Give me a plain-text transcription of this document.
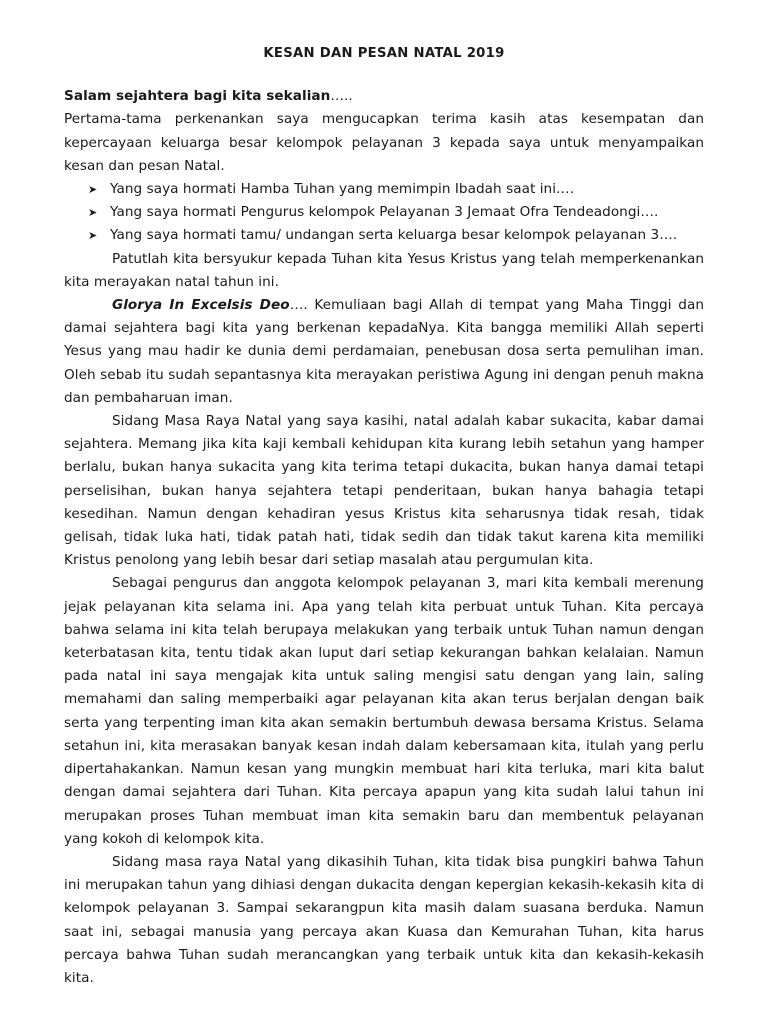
KESAN DAN PESAN NATAL 2019

Salam sejahtera bagi kita sekalian…..

Pertama-tama perkenankan saya mengucapkan terima kasih atas kesempatan dan kepercayaan keluarga besar kelompok pelayanan 3 kepada saya untuk menyampaikan kesan dan pesan Natal.

➤ Yang saya hormati Hamba Tuhan yang memimpin Ibadah saat ini….
➤ Yang saya hormati Pengurus kelompok Pelayanan 3 Jemaat Ofra Tendeadongi….
➤ Yang saya hormati tamu/ undangan serta keluarga besar kelompok pelayanan 3….

Patutlah kita bersyukur kepada Tuhan kita Yesus Kristus yang telah memperkenankan kita merayakan natal tahun ini.

Glorya In Excelsis Deo…. Kemuliaan bagi Allah di tempat yang Maha Tinggi dan damai sejahtera bagi kita yang berkenan kepadaNya. Kita bangga memiliki Allah seperti Yesus yang mau hadir ke dunia demi perdamaian, penebusan dosa serta pemulihan iman. Oleh sebab itu sudah sepantasnya kita merayakan peristiwa Agung ini dengan penuh makna dan pembaharuan iman.

Sidang Masa Raya Natal yang saya kasihi, natal adalah kabar sukacita, kabar damai sejahtera. Memang jika kita kaji kembali kehidupan kita kurang lebih setahun yang hamper berlalu, bukan hanya sukacita yang kita terima tetapi dukacita, bukan hanya damai tetapi perselisihan, bukan hanya sejahtera tetapi penderitaan, bukan hanya bahagia tetapi kesedihan. Namun dengan kehadiran yesus Kristus kita seharusnya tidak resah, tidak gelisah, tidak luka hati, tidak patah hati, tidak sedih dan tidak takut karena kita memiliki Kristus penolong yang lebih besar dari setiap masalah atau pergumulan kita.

Sebagai pengurus dan anggota kelompok pelayanan 3, mari kita kembali merenung jejak pelayanan kita selama ini. Apa yang telah kita perbuat untuk Tuhan. Kita percaya bahwa selama ini kita telah berupaya melakukan yang terbaik untuk Tuhan namun dengan keterbatasan kita, tentu tidak akan luput dari setiap kekurangan bahkan kelalaian. Namun pada natal ini saya mengajak kita untuk saling mengisi satu dengan yang lain, saling memahami dan saling memperbaiki agar pelayanan kita akan terus berjalan dengan baik serta yang terpenting iman kita akan semakin bertumbuh dewasa bersama Kristus. Selama setahun ini, kita merasakan banyak kesan indah dalam kebersamaan kita, itulah yang perlu dipertahakankan. Namun kesan yang mungkin membuat hari kita terluka, mari kita balut dengan damai sejahtera dari Tuhan. Kita percaya apapun yang kita sudah lalui tahun ini merupakan proses Tuhan membuat iman kita semakin baru dan membentuk pelayanan yang kokoh di kelompok kita.

Sidang masa raya Natal yang dikasihih Tuhan, kita tidak bisa pungkiri bahwa Tahun ini merupakan tahun yang dihiasi dengan dukacita dengan kepergian kekasih-kekasih kita di kelompok pelayanan 3. Sampai sekarangpun kita masih dalam suasana berduka. Namun saat ini, sebagai manusia yang percaya akan Kuasa dan Kemurahan Tuhan, kita harus percaya bahwa Tuhan sudah merancangkan yang terbaik untuk kita dan kekasih-kekasih kita.
